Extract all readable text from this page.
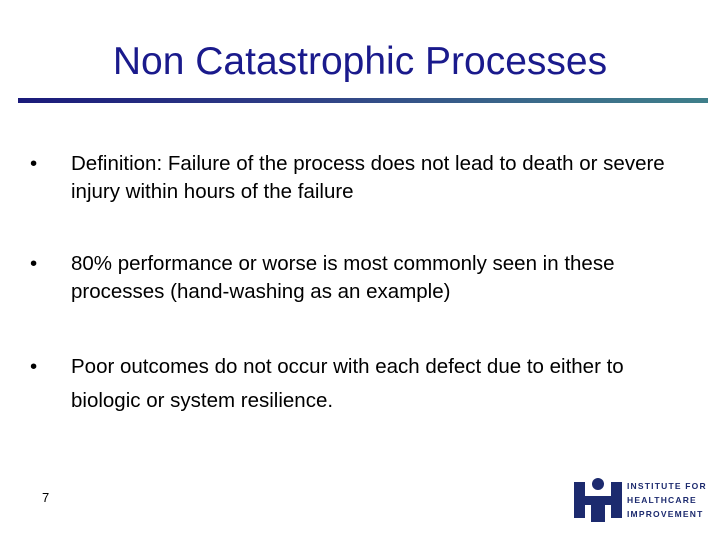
Non Catastrophic Processes
• Definition: Failure of the process does not lead to death or severe injury within hours of the failure
• 80% performance or worse is most commonly seen in these processes (hand-washing as an example)
• Poor outcomes do not occur with each defect due to either to biologic or system resilience.
7
INSTITUTE FOR
HEALTHCARE
IMPROVEMENT
